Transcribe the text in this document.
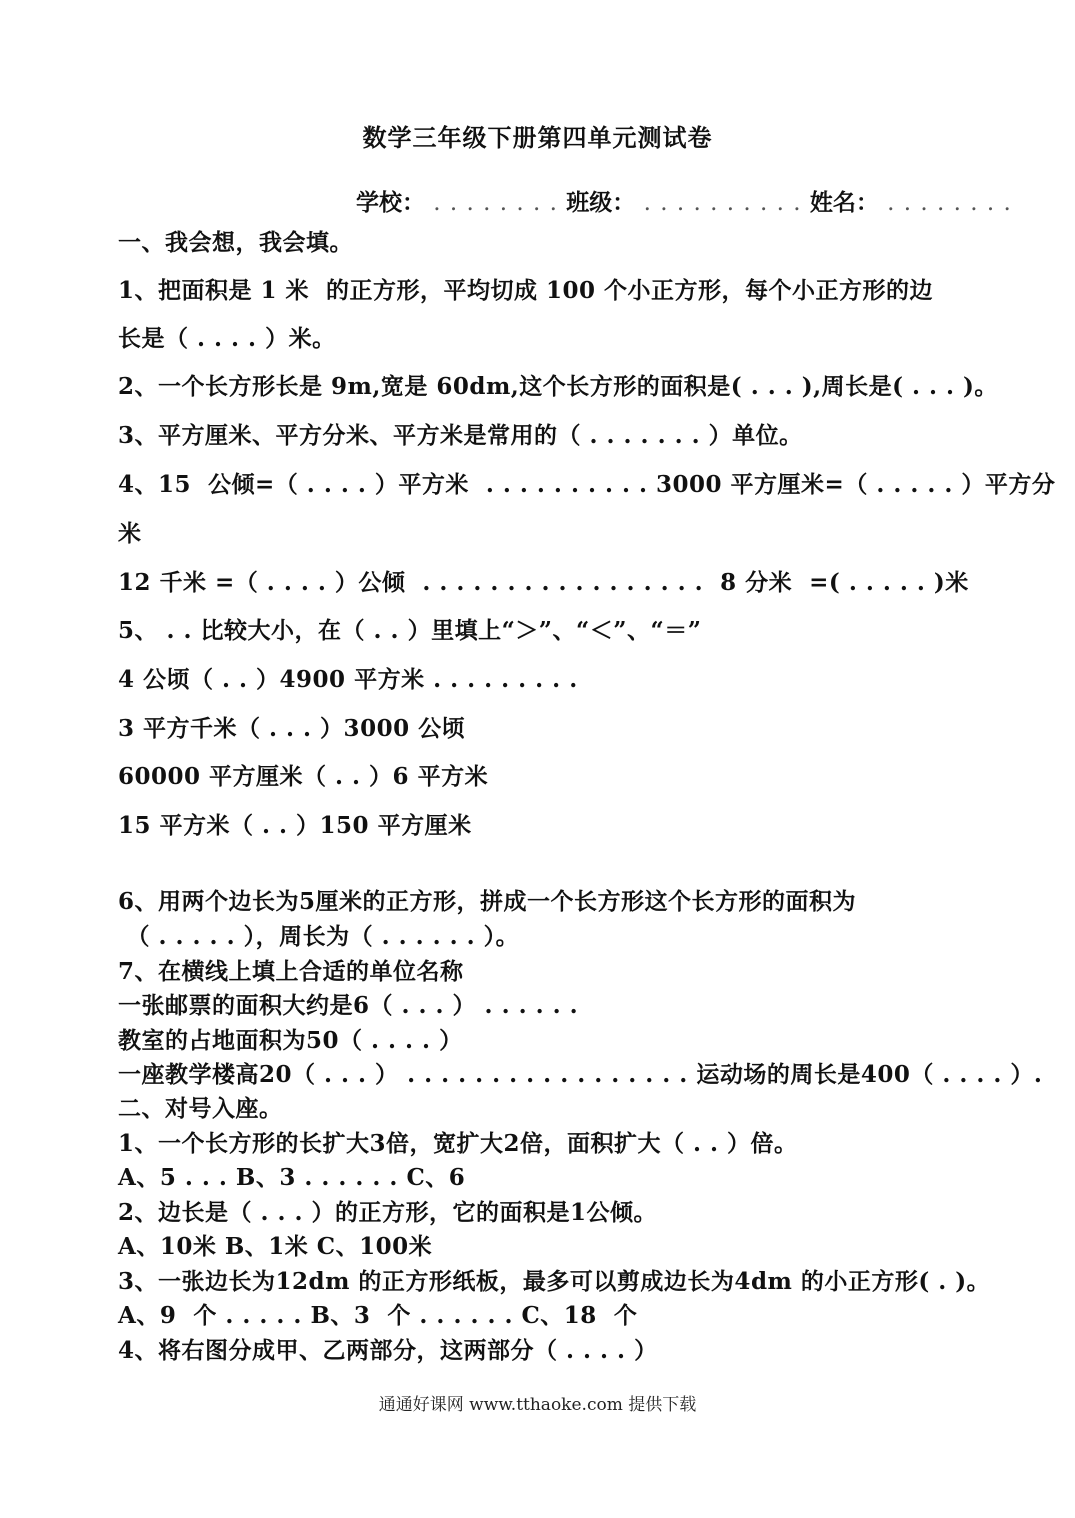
数学三年级下册第四单元测试卷
学校： . . . . . . . . 班级： . . . . . . . . . . 姓名： . . . . . . . .
一、我会想，我会填。
1、把面积是 1 米  的正方形，平均切成 100 个小正方形，每个小正方形的边
长是（ . . . . ）米。
2、一个长方形长是 9m,宽是 60dm,这个长方形的面积是( . . . ),周长是( . . . )。
3、平方厘米、平方分米、平方米是常用的（ . . . . . . . ）单位。
4、15  公倾=（ . . . . ）平方米  . . . . . . . . . . 3000 平方厘米=（ . . . . . ）平方分
米
12 千米 =（ . . . . ）公倾  . . . . . . . . . . . . . . . . .  8 分米  =( . . . . . )米
5、 . . 比较大小，在（ . . ）里填上“＞”、“＜”、“＝”
4 公顷（ . . ）4900 平方米 . . . . . . . . .
3 平方千米（ . . . ）3000 公顷
60000 平方厘米（ . . ）6 平方米
15 平方米（ . . ）150 平方厘米
6、用两个边长为5厘米的正方形，拼成一个长方形这个长方形的面积为
（ . . . . . ），周长为（ . . . . . . ）。
7、在横线上填上合适的单位名称
一张邮票的面积大约是6（ . . . ） . . . . . .
教室的占地面积为50（ . . . . ）
一座教学楼高20（ . . . ） . . . . . . . . . . . . . . . . . 运动场的周长是400（ . . . . ）.
二、对号入座。
1、一个长方形的长扩大3倍，宽扩大2倍，面积扩大（ . . ）倍。
A、5 . . . B、3 . . . . . . C、6
2、边长是（ . . . ）的正方形，它的面积是1公倾。
A、10米 B、1米 C、100米
3、一张边长为12dm 的正方形纸板，最多可以剪成边长为4dm 的小正方形( . )。
A、9  个 . . . . . B、3  个 . . . . . . C、18  个
4、将右图分成甲、乙两部分，这两部分（ . . . . ）
通通好课网 www.tthaoke.com 提供下载
